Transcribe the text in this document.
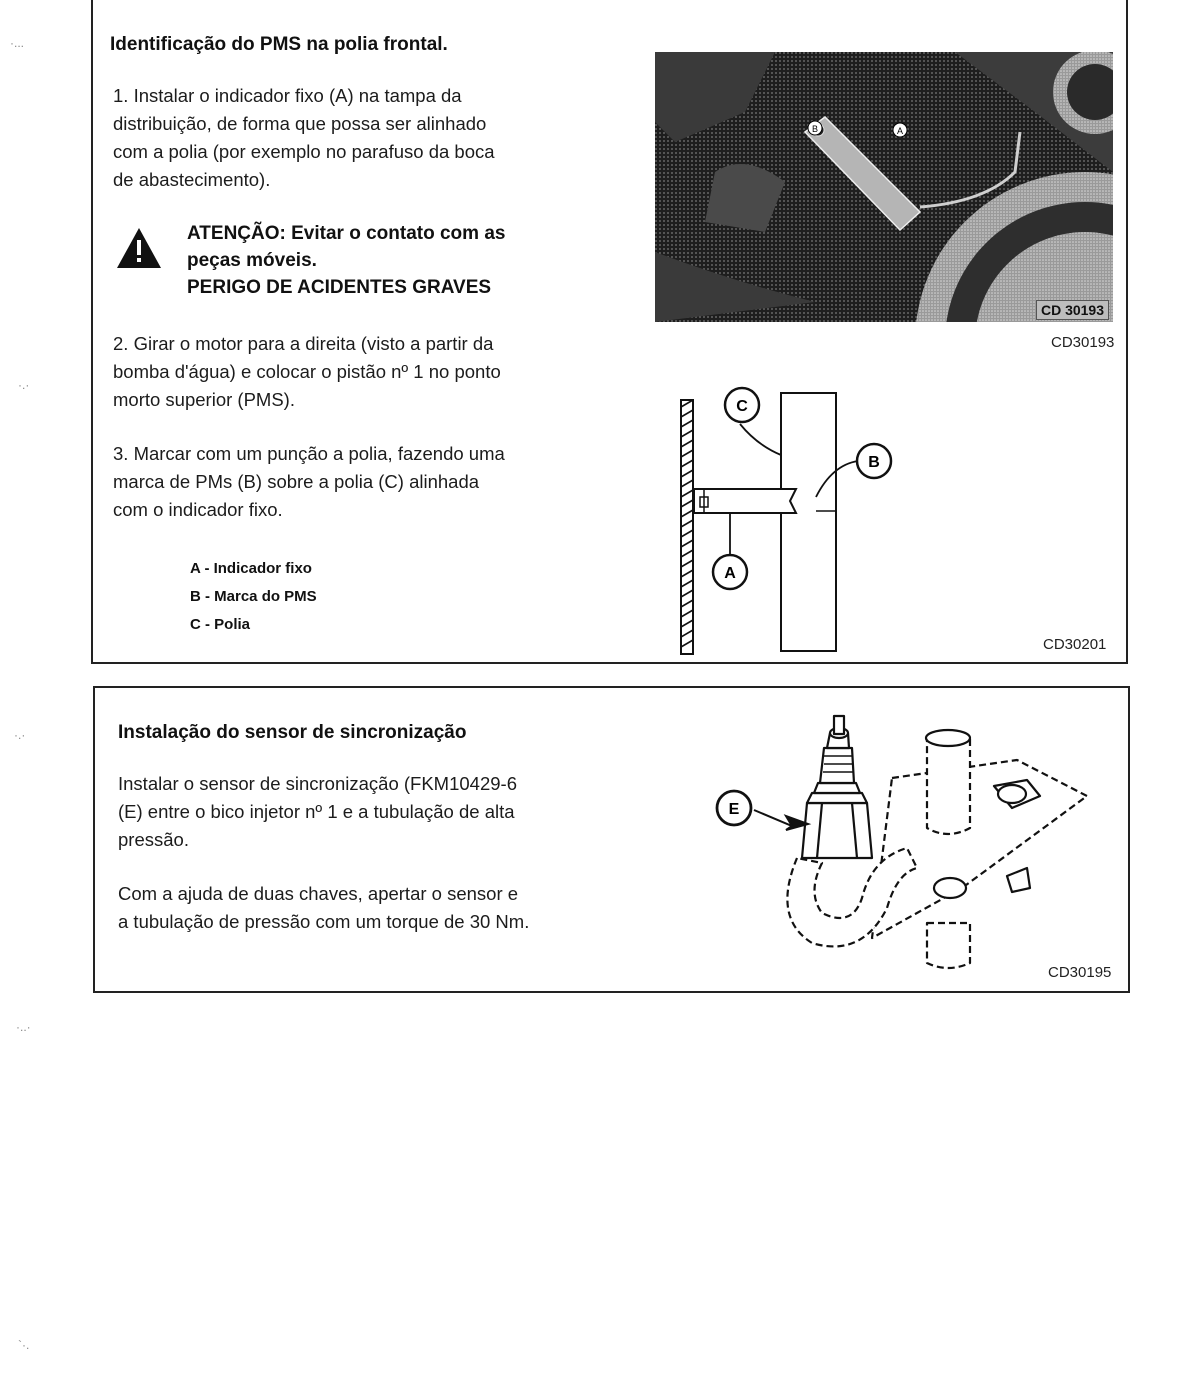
Identificação do PMS na polia frontal.
1. Instalar o indicador fixo (A) na tampa da
distribuição, de forma que possa ser alinhado
com a polia (por exemplo no parafuso da boca
de abastecimento).
ATENÇÃO: Evitar o contato com as
peças móveis.
PERIGO DE ACIDENTES GRAVES
2. Girar o motor para a direita (visto a partir da
bomba d'água) e colocar o pistão nº 1 no ponto
morto superior (PMS).
3. Marcar com um punção a polia, fazendo uma
marca de PMs (B) sobre a polia (C) alinhada
com o indicador fixo.
A - Indicador fixo
B - Marca do PMS
C - Polia
B	A
CD 30193
CD30193
C
B
A
CD30201
Instalação do sensor de sincronização
Instalar o sensor de sincronização (FKM10429-6
(E) entre o bico injetor nº 1 e a tubulação de alta
pressão.
Com a ajuda de duas chaves, apertar o sensor e
a tubulação de pressão com um torque de 30 Nm.
E
CD30195
·...
·.·
·.·
·..·
`·.
